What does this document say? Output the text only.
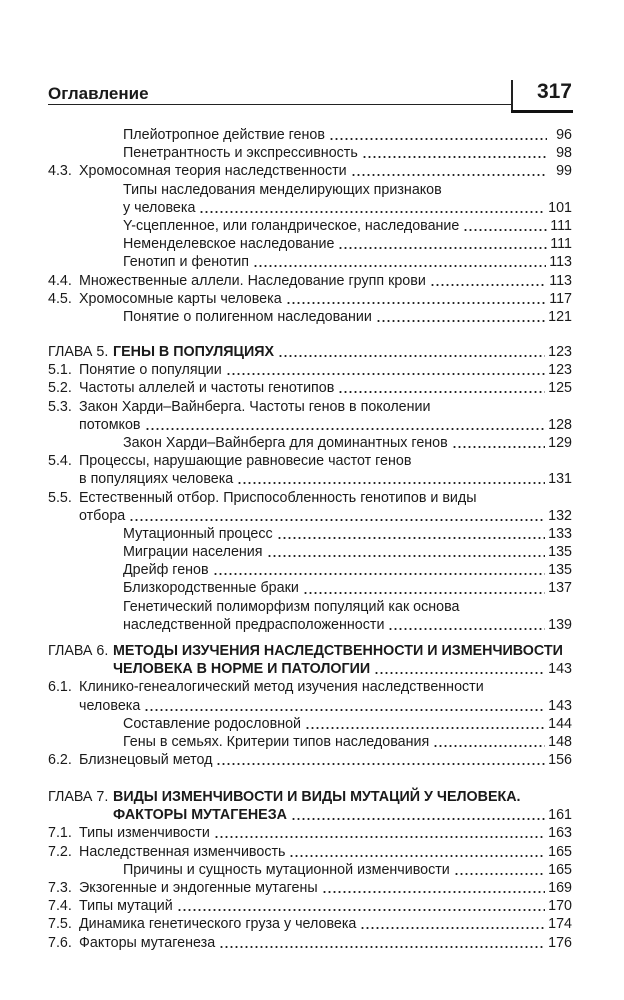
Оглавление	317
Плейотропное действие генов	96
Пенетрантность и экспрессивность	98
4.3. Хромосомная теория наследственности	99
Типы наследования менделирующих признаков
у человека	101
Y-сцепленное, или голандрическое, наследование	111
Неменделевское наследование	111
Генотип и фенотип	113
4.4. Множественные аллели. Наследование групп крови	113
4.5. Хромосомные карты человека	117
Понятие о полигенном наследовании	121
ГЛАВА 5. ГЕНЫ В ПОПУЛЯЦИЯХ	123
5.1. Понятие о популяции	123
5.2. Частоты аллелей и частоты генотипов	125
5.3. Закон Харди–Вайнберга. Частоты генов в поколении
потомков	128
Закон Харди–Вайнберга для доминантных генов	129
5.4. Процессы, нарушающие равновесие частот генов
в популяциях человека	131
5.5. Естественный отбор. Приспособленность генотипов и виды
отбора	132
Мутационный процесс	133
Миграции населения	135
Дрейф генов	135
Близкородственные браки	137
Генетический полиморфизм популяций как основа
наследственной предрасположенности	139
ГЛАВА 6. МЕТОДЫ ИЗУЧЕНИЯ НАСЛЕДСТВЕННОСТИ И ИЗМЕНЧИВОСТИ
ЧЕЛОВЕКА В НОРМЕ И ПАТОЛОГИИ	143
6.1. Клинико-генеалогический метод изучения наследственности
человека	143
Составление родословной	144
Гены в семьях. Критерии типов наследования	148
6.2. Близнецовый метод	156
ГЛАВА 7. ВИДЫ ИЗМЕНЧИВОСТИ И ВИДЫ МУТАЦИЙ У ЧЕЛОВЕКА.
ФАКТОРЫ МУТАГЕНЕЗА	161
7.1. Типы изменчивости	163
7.2. Наследственная изменчивость	165
Причины и сущность мутационной изменчивости	165
7.3. Экзогенные и эндогенные мутагены	169
7.4. Типы мутаций	170
7.5. Динамика генетического груза у человека	174
7.6. Факторы мутагенеза	176
